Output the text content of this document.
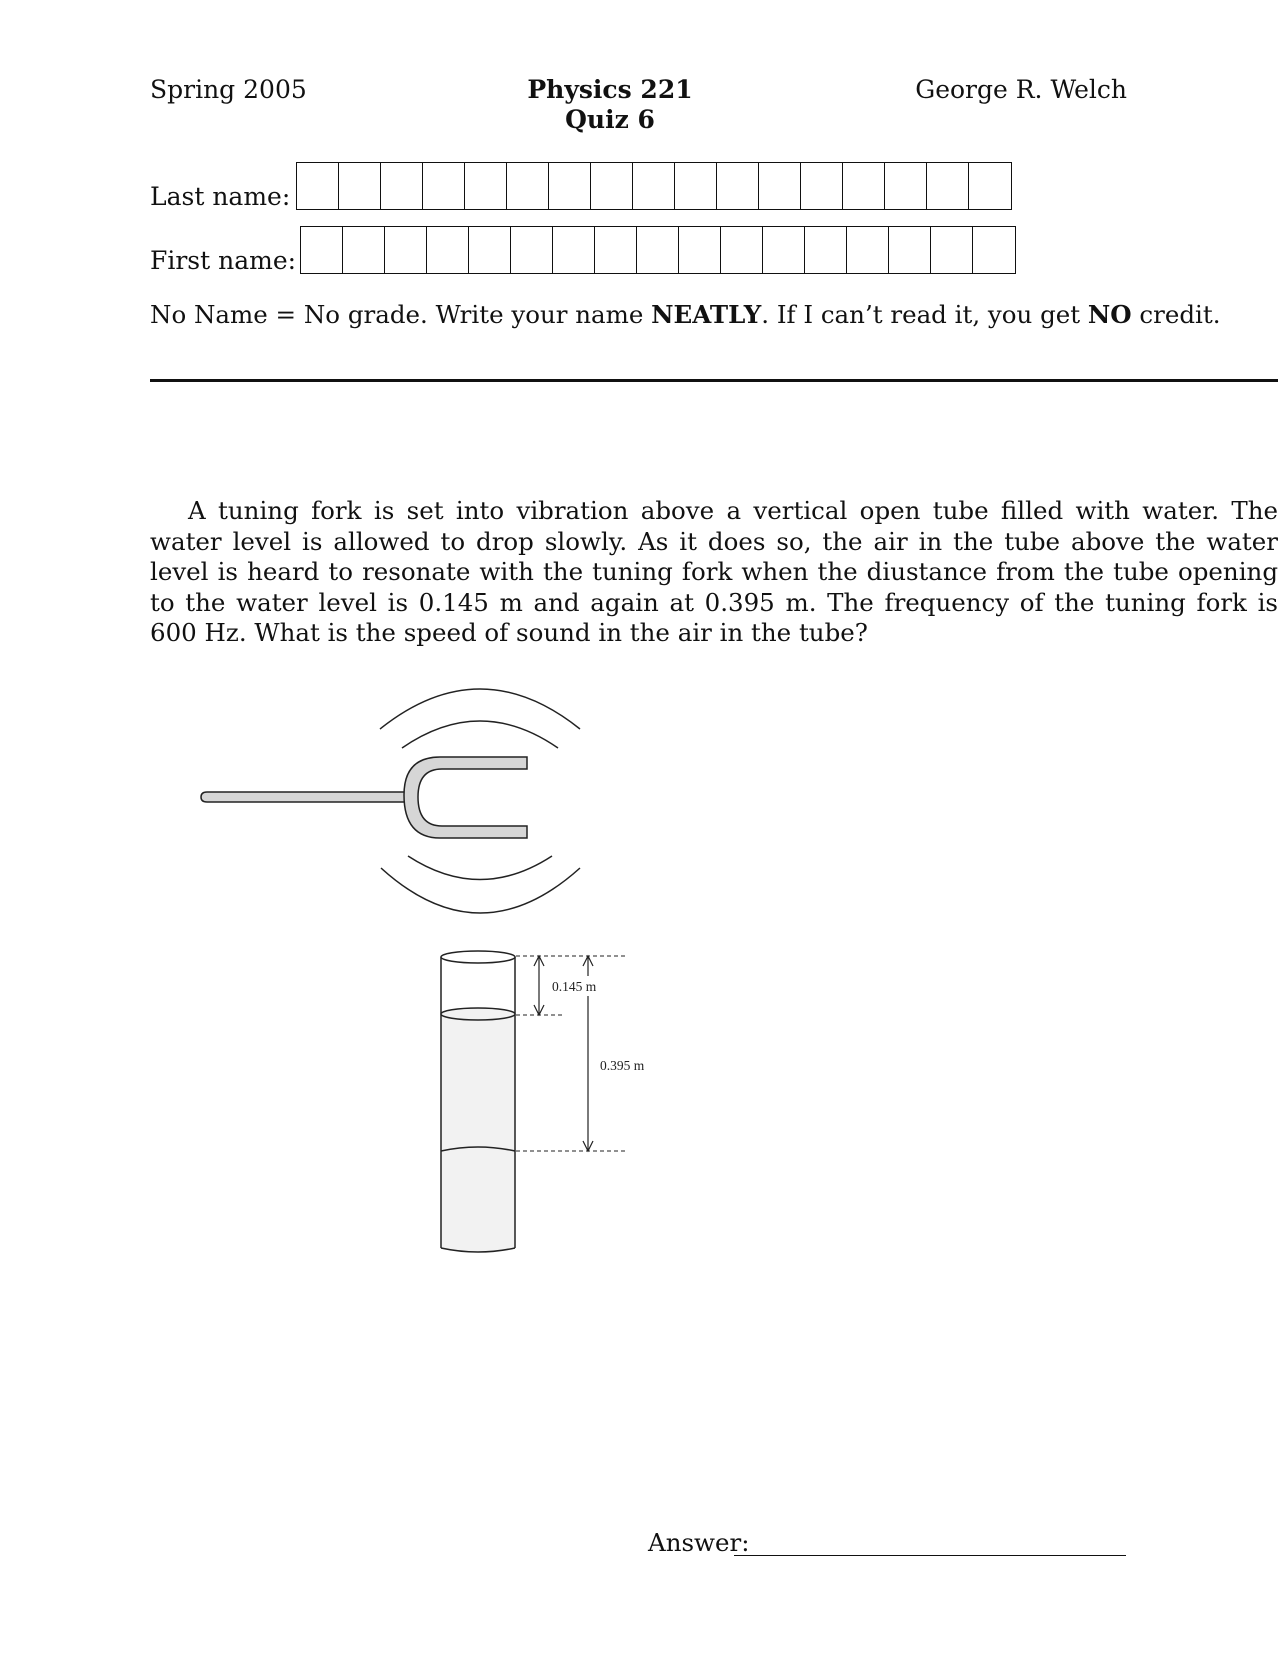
Spring 2005	Physics 221
Quiz 6
George R. Welch
Last name:
First name:
No Name = No grade. Write your name NEATLY. If I can’t read it, you get NO credit.
A tuning fork is set into vibration above a vertical open tube filled with water. The water level is allowed to drop slowly. As it does so, the air in the tube above the water level is heard to resonate with the tuning fork when the diustance from the tube opening to the water level is 0.145 m and again at 0.395 m. The frequency of the tuning fork is 600 Hz. What is the speed of sound in the air in the tube?
0.145 m
0.395 m
Answer:
